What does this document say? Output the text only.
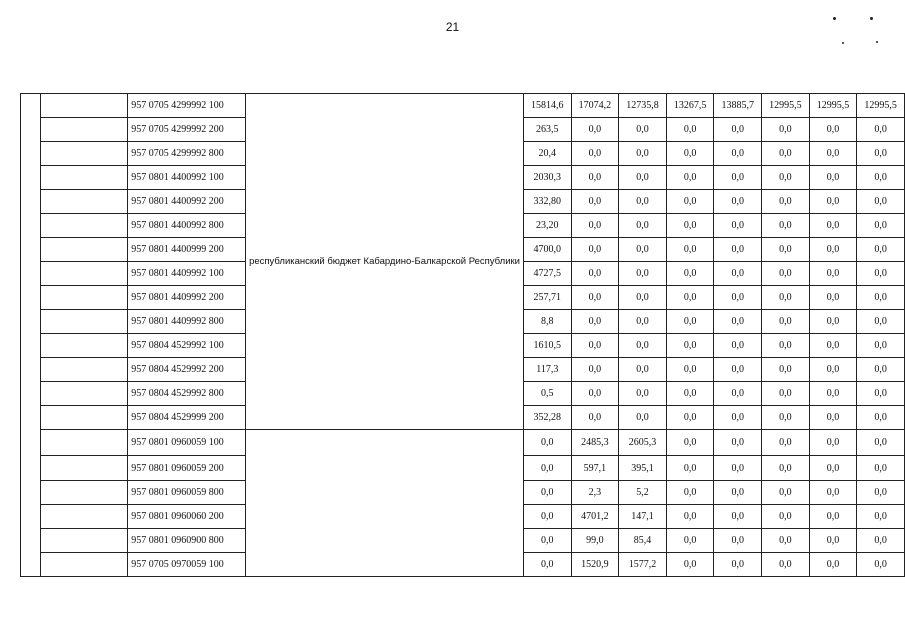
21
		957 0705 4299992 100	республиканский бюджет Кабардино-Балкарской Республики	15814,6	17074,2	12735,8	13267,5	13885,7	12995,5	12995,5	12995,5
		957 0705 4299992 200		263,5	0,0	0,0	0,0	0,0	0,0	0,0	0,0
		957 0705 4299992 800		20,4	0,0	0,0	0,0	0,0	0,0	0,0	0,0
		957 0801 4400992 100		2030,3	0,0	0,0	0,0	0,0	0,0	0,0	0,0
		957 0801 4400992 200		332,80	0,0	0,0	0,0	0,0	0,0	0,0	0,0
		957 0801 4400992 800		23,20	0,0	0,0	0,0	0,0	0,0	0,0	0,0
		957 0801 4400999 200		4700,0	0,0	0,0	0,0	0,0	0,0	0,0	0,0
		957 0801 4409992 100		4727,5	0,0	0,0	0,0	0,0	0,0	0,0	0,0
		957 0801 4409992 200		257,71	0,0	0,0	0,0	0,0	0,0	0,0	0,0
		957 0801 4409992 800		8,8	0,0	0,0	0,0	0,0	0,0	0,0	0,0
		957 0804 4529992 100		1610,5	0,0	0,0	0,0	0,0	0,0	0,0	0,0
		957 0804 4529992 200		117,3	0,0	0,0	0,0	0,0	0,0	0,0	0,0
		957 0804 4529992 800		0,5	0,0	0,0	0,0	0,0	0,0	0,0	0,0
		957 0804 4529999 200		352,28	0,0	0,0	0,0	0,0	0,0	0,0	0,0
		957 0801 0960059 100		0,0	2485,3	2605,3	0,0	0,0	0,0	0,0	0,0
		957 0801 0960059 200		0,0	597,1	395,1	0,0	0,0	0,0	0,0	0,0
		957 0801 0960059 800		0,0	2,3	5,2	0,0	0,0	0,0	0,0	0,0
		957 0801 0960060 200		0,0	4701,2	147,1	0,0	0,0	0,0	0,0	0,0
		957 0801 0960900 800		0,0	99,0	85,4	0,0	0,0	0,0	0,0	0,0
		957 0705 0970059 100		0,0	1520,9	1577,2	0,0	0,0	0,0	0,0	0,0
